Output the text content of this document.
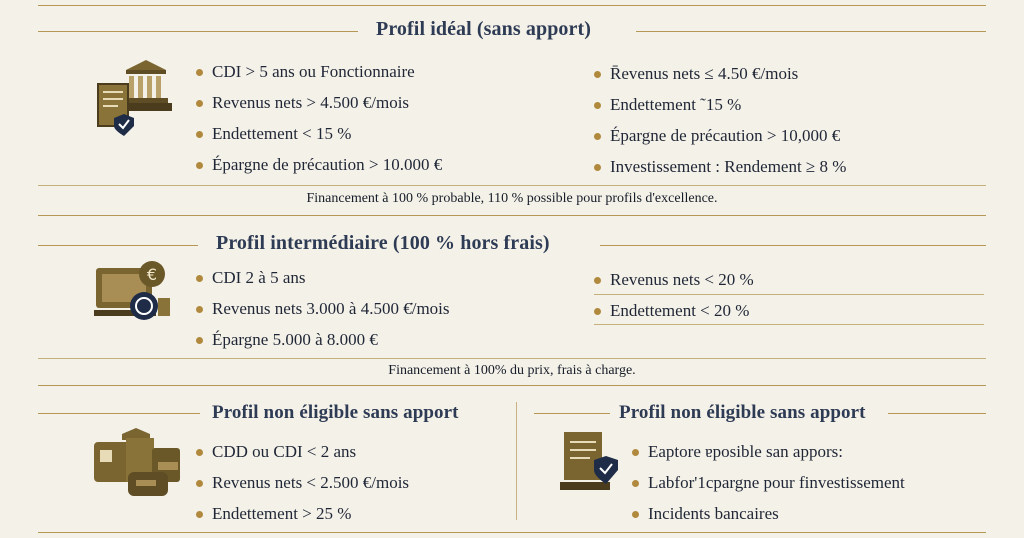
Profil idéal (sans apport)
CDI > 5 ans ou Fonctionnaire
Revenus nets > 4.500 €/mois
Endettement < 15 %
Épargne de précaution > 10.000 €
R̄evenus nets ≤ 4.50 €/mois
Endettement ˜15 %
Épargne de précaution > 10,000 €
Investissement : Rendement ≥ 8 %
Financement à 100 % probable, 110 % possible pour profils d'excellence.
Profil intermédiaire (100 % hors frais)
€	CDI 2 à 5 ans
Revenus nets 3.000 à 4.500 €̇/mois
Épargne 5.000 à 8.000 €
Revenus nets < 20 %
Endettement < 20 %
Financement à 100% du prix, frais à charge.
Profil non éligible sans apport	Profil non éligible sans apport
CDD ou CDI < 2 ans
Revenus nets < 2.500 €/mois
Endettement > 25 %
Eaptore ɐposible san appors:
Labfor'1cpargne pour finvestissement
Incidents bancaires
